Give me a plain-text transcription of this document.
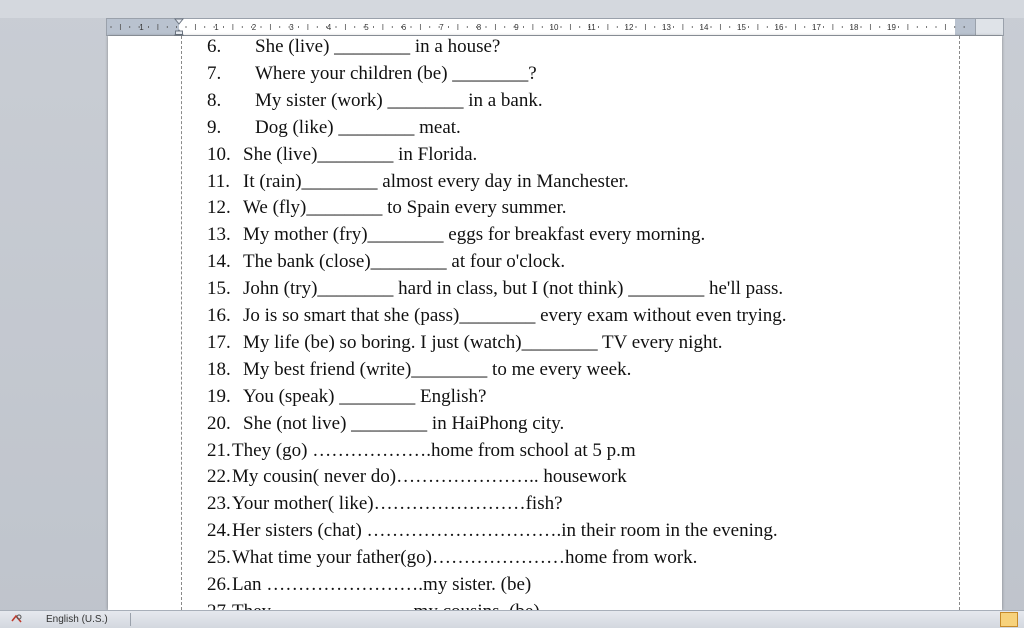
1	1	2	3	4	5	6	7	8	9	10	11	12	13	14	15	16	17	18	19
6. She (live) ________ in a house?
7. Where your children (be) ________?
8. My sister (work) ________ in a bank.
9. Dog (like) ________ meat.
10. She (live)________ in Florida.
11. It (rain)________ almost every day in Manchester.
12. We (fly)________ to Spain every summer.
13. My mother (fry)________ eggs for breakfast every morning.
14. The bank (close)________ at four o'clock.
15. John (try)________ hard in class, but I (not think) ________ he'll pass.
16. Jo is so smart that she (pass)________ every exam without even trying.
17. My life (be) so boring. I just (watch)________ TV every night.
18. My best friend (write)________ to me every week.
19. You (speak) ________ English?
20. She (not live) ________ in HaiPhong city.
21. They (go) ……………….home from school at 5 p.m
22. My cousin( never do)………………….. housework
23. Your mother( like)……………………fish?
24. Her sisters (chat) ………………………….in their room in the evening.
25. What time your father(go)…………………home from work.
26. Lan …………………….my sister. (be)
English (U.S.)
